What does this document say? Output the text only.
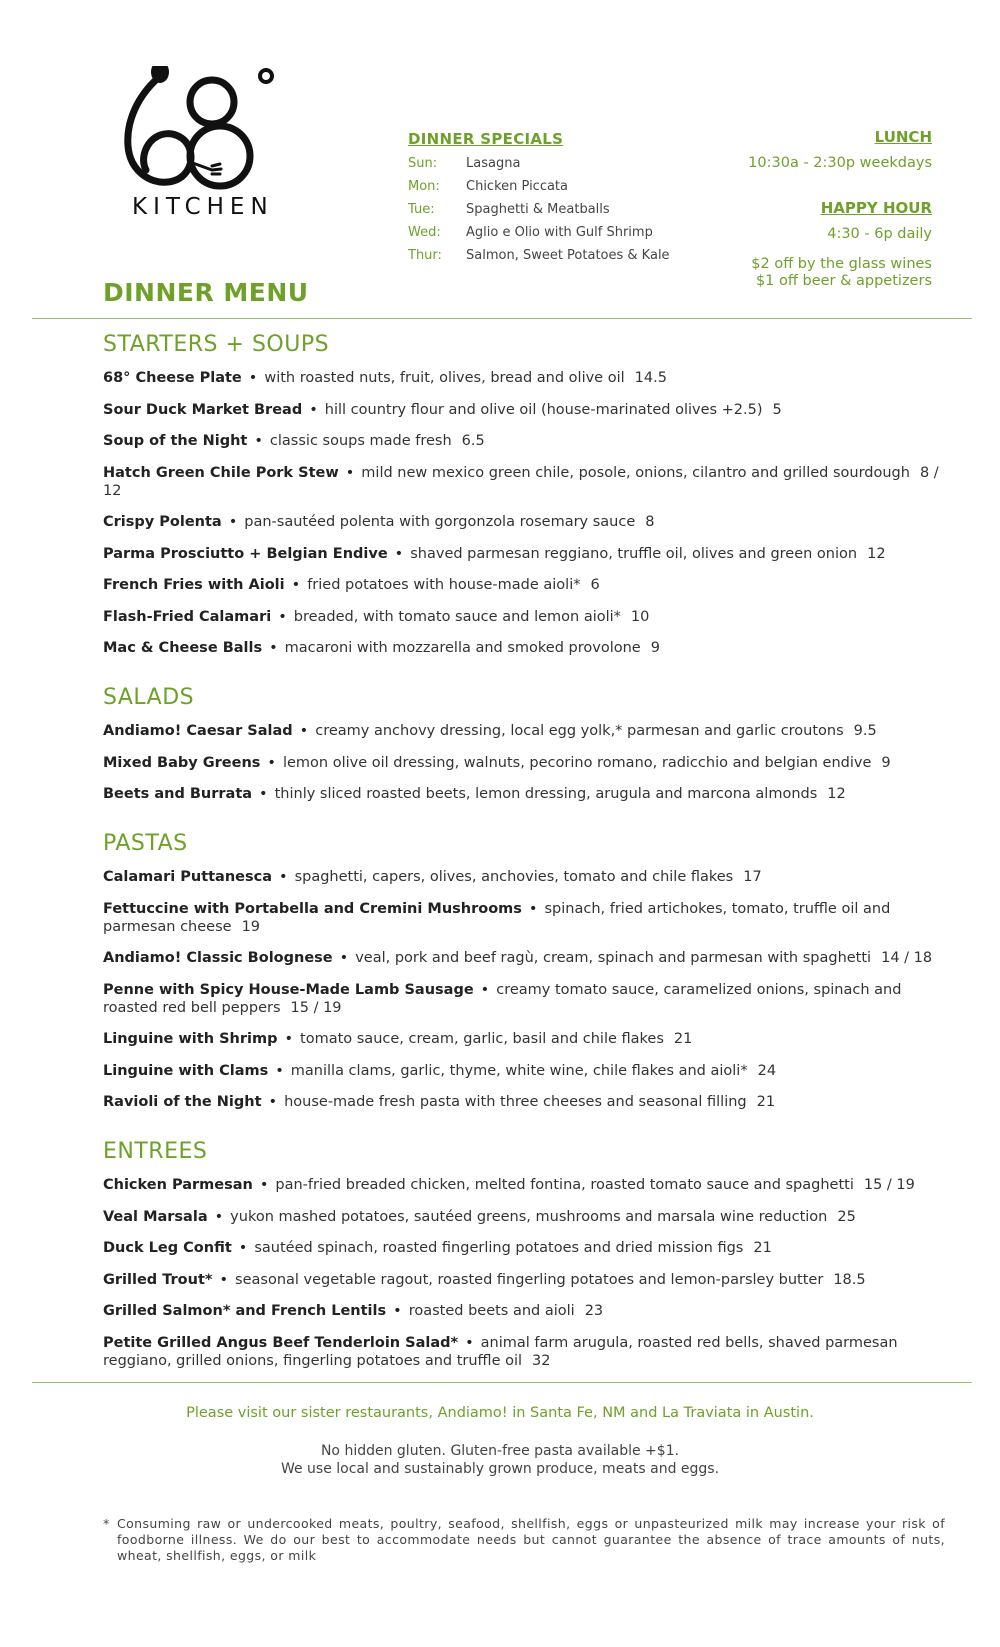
KITCHEN
DINNER SPECIALS
Sun:	Lasagna
Mon:	Chicken Piccata
Tue:	Spaghetti & Meatballs
Wed:	Aglio e Olio with Gulf Shrimp
Thur:	Salmon, Sweet Potatoes & Kale
LUNCH
10:30a - 2:30p weekdays
HAPPY HOUR
4:30 - 6p daily
$2 off by the glass wines
$1 off beer & appetizers
DINNER MENU
STARTERS + SOUPS
68° Cheese Plate • with roasted nuts, fruit, olives, bread and olive oil 14.5
Sour Duck Market Bread • hill country flour and olive oil (house-marinated olives +2.5) 5
Soup of the Night • classic soups made fresh 6.5
Hatch Green Chile Pork Stew • mild new mexico green chile, posole, onions, cilantro and grilled sourdough 8 / 12
Crispy Polenta • pan-sautéed polenta with gorgonzola rosemary sauce 8
Parma Prosciutto + Belgian Endive • shaved parmesan reggiano, truffle oil, olives and green onion 12
French Fries with Aioli • fried potatoes with house-made aioli* 6
Flash-Fried Calamari • breaded, with tomato sauce and lemon aioli* 10
Mac & Cheese Balls • macaroni with mozzarella and smoked provolone 9
SALADS
Andiamo! Caesar Salad • creamy anchovy dressing, local egg yolk,* parmesan and garlic croutons 9.5
Mixed Baby Greens • lemon olive oil dressing, walnuts, pecorino romano, radicchio and belgian endive 9
Beets and Burrata • thinly sliced roasted beets, lemon dressing, arugula and marcona almonds 12
PASTAS
Calamari Puttanesca • spaghetti, capers, olives, anchovies, tomato and chile flakes 17
Fettuccine with Portabella and Cremini Mushrooms • spinach, fried artichokes, tomato, truffle oil and parmesan cheese 19
Andiamo! Classic Bolognese • veal, pork and beef ragù, cream, spinach and parmesan with spaghetti 14 / 18
Penne with Spicy House-Made Lamb Sausage • creamy tomato sauce, caramelized onions, spinach and roasted red bell peppers 15 / 19
Linguine with Shrimp • tomato sauce, cream, garlic, basil and chile flakes 21
Linguine with Clams • manilla clams, garlic, thyme, white wine, chile flakes and aioli* 24
Ravioli of the Night • house-made fresh pasta with three cheeses and seasonal filling 21
ENTREES
Chicken Parmesan • pan-fried breaded chicken, melted fontina, roasted tomato sauce and spaghetti 15 / 19
Veal Marsala • yukon mashed potatoes, sautéed greens, mushrooms and marsala wine reduction 25
Duck Leg Confit • sautéed spinach, roasted fingerling potatoes and dried mission figs 21
Grilled Trout* • seasonal vegetable ragout, roasted fingerling potatoes and lemon-parsley butter 18.5
Grilled Salmon* and French Lentils • roasted beets and aioli 23
Petite Grilled Angus Beef Tenderloin Salad* • animal farm arugula, roasted red bells, shaved parmesan reggiano, grilled onions, fingerling potatoes and truffle oil 32
Please visit our sister restaurants, Andiamo! in Santa Fe, NM and La Traviata in Austin.
No hidden gluten. Gluten-free pasta available +$1.
We use local and sustainably grown produce, meats and eggs.
* Consuming raw or undercooked meats, poultry, seafood, shellfish, eggs or unpasteurized milk may increase your risk of foodborne illness. We do our best to accommodate needs but cannot guarantee the absence of trace amounts of nuts, wheat, shellfish, eggs, or milk
